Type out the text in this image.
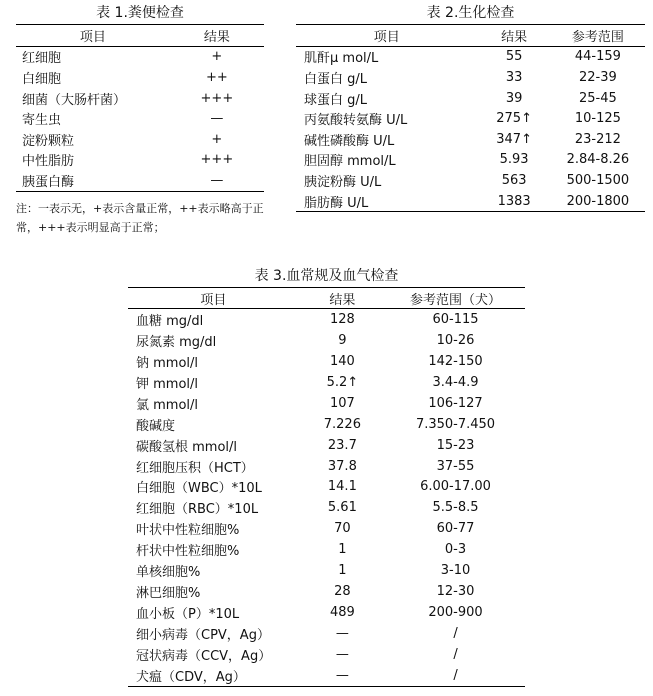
表 1.粪便检查
项目	结果
红细胞	+
白细胞	++
细菌（大肠杆菌）	+++
寄生虫	—
淀粉颗粒	+
中性脂肪	+++
胰蛋白酶	—
注：一表示无，+表示含量正常，++表示略高于正
常，+++表示明显高于正常；
表 2.生化检查
项目	结果	参考范围
肌酐μ mol/L	55	44-159
白蛋白 g/L	33	22-39
球蛋白 g/L	39	25-45
丙氨酸转氨酶 U/L	275↑	10-125
碱性磷酸酶 U/L	347↑	23-212
胆固醇 mmol/L	5.93	2.84-8.26
胰淀粉酶 U/L	563	500-1500
脂肪酶 U/L	1383	200-1800
表 3.血常规及血气检查
项目	结果	参考范围（犬）
血糖 mg/dl	128	60-115
尿氮素 mg/dl	9	10-26
钠 mmol/l	140	142-150
钾 mmol/l	5.2↑	3.4-4.9
氯 mmol/l	107	106-127
酸碱度	7.226	7.350-7.450
碳酸氢根 mmol/l	23.7	15-23
红细胞压积（HCT）	37.8	37-55
白细胞（WBC）*10L	14.1	6.00-17.00
红细胞（RBC）*10L	5.61	5.5-8.5
叶状中性粒细胞%	70	60-77
杆状中性粒细胞%	1	0-3
单核细胞%	1	3-10
淋巴细胞%	28	12-30
血小板（P）*10L	489	200-900
细小病毒（CPV，Ag）	—	/
冠状病毒（CCV，Ag）	—	/
犬瘟（CDV，Ag）	—	/
